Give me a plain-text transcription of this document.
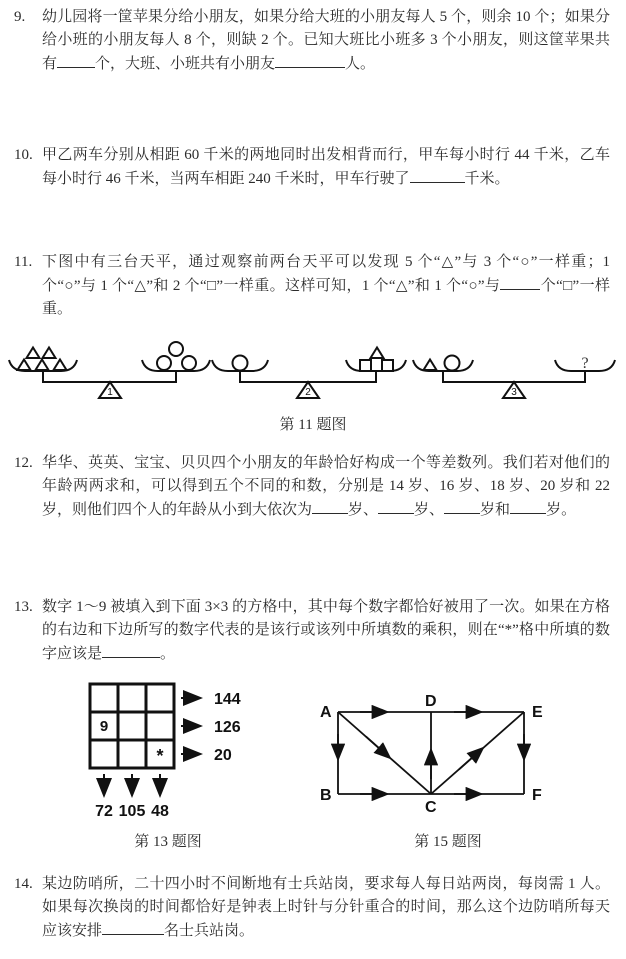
9.	幼儿园将一筐苹果分给小朋友，如果分给大班的小朋友每人 5 个，则余 10 个；如果分给小班的小朋友每人 8 个，则缺 2 个。已知大班比小班多 3 个小朋友，则这筐苹果共有	个，大班、小班共有小朋友	人。
10. 甲乙两车分别从相距 60 千米的两地同时出发相背而行，甲车每小时行 44 千米，乙车每小时行 46 千米，当两车相距 240 千米时，甲车行驶了	千米。
11. 下图中有三台天平，通过观察前两台天平可以发现 5 个“△”与 3 个“○”一样重；1 个“○”与 1 个“△”和 2 个“□”一样重。这样可知，1 个“△”和 1 个“○”与	个“□”一样重。
1	2
?
3
第 11 题图
12. 华华、英英、宝宝、贝贝四个小朋友的年龄恰好构成一个等差数列。我们若对他们的年龄两两求和，可以得到五个不同的和数，分别是 14 岁、16 岁、18 岁、20 岁和 22 岁，则他们四个人的年龄从小到大依次为 岁、 岁、 岁和 岁。
13. 数字 1～9 被填入到下面 3×3 的方格中，其中每个数字都恰好被用了一次。如果在方格的右边和下边所写的数字代表的是该行或该列中所填数的乘积，则在“*”格中所填的数字应该是	。
9
*
144
126
20
72 105 48
A
D
E
B
C
F
第 13 题图	第 15 题图
14. 某边防哨所，二十四小时不间断地有士兵站岗，要求每人每日站两岗，每岗需 1 人。如果每次换岗的时间都恰好是钟表上时针与分针重合的时间，那么这个边防哨所每天应该安排	名士兵站岗。
